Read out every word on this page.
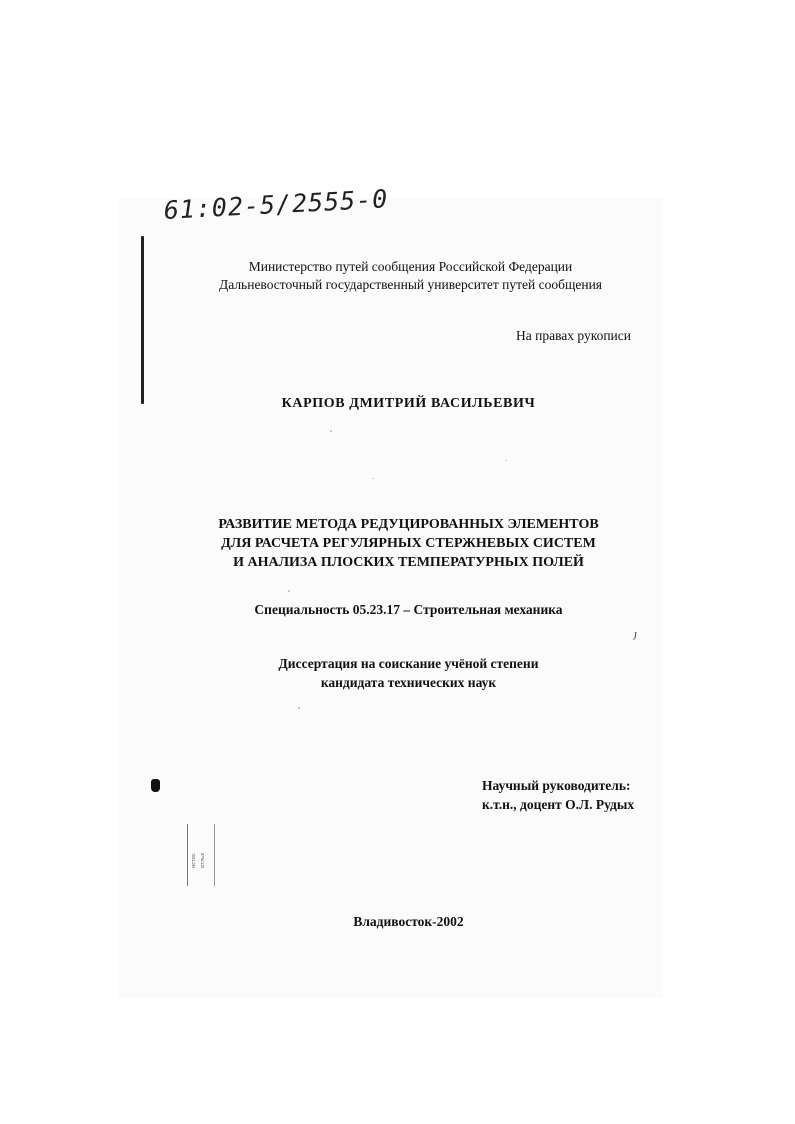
61:02-5/2555-0
Министерство путей сообщения Российской Федерации
Дальневосточный государственный университет путей сообщения
На правах рукописи
КАРПОВ ДМИТРИЙ ВАСИЛЬЕВИЧ
РАЗВИТИЕ МЕТОДА РЕДУЦИРОВАННЫХ ЭЛЕМЕНТОВ
ДЛЯ РАСЧЕТА РЕГУЛЯРНЫХ СТЕРЖНЕВЫХ СИСТЕМ
И АНАЛИЗА ПЛОСКИХ ТЕМПЕРАТУРНЫХ ПОЛЕЙ
Специальность 05.23.17 – Строительная механика
Диссертация на соискание учёной степени
кандидата технических наук
Научный руководитель:
к.т.н., доцент О.Л. Рудых
Владивосток-2002
истос отльх
ȷ
